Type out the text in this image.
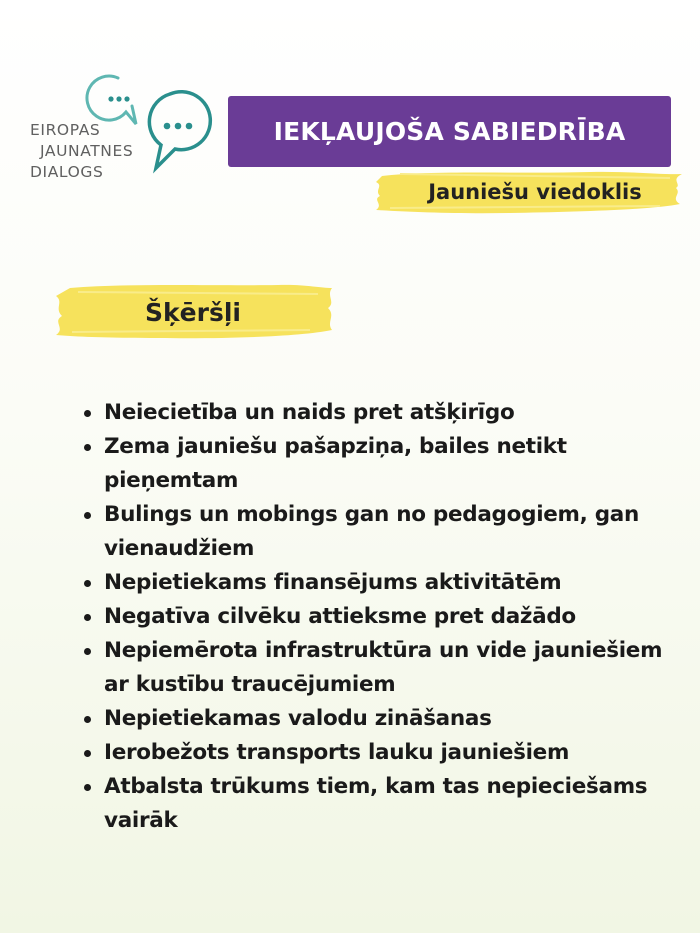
EIROPAS
JAUNATNES
DIALOGS
IEKĻAUJOŠA SABIEDRĪBA
Jauniešu viedoklis
Šķēršļi
Neiecietība un naids pret atšķirīgo
Zema jauniešu pašapziņa, bailes netikt pieņemtam
Bulings un mobings gan no pedagogiem, gan vienaudžiem
Nepietiekams finansējums aktivitātēm
Negatīva cilvēku attieksme pret dažādo
Nepiemērota infrastruktūra un vide jauniešiem ar kustību traucējumiem
Nepietiekamas valodu zināšanas
Ierobežots transports lauku jauniešiem
Atbalsta trūkums tiem, kam tas nepieciešams vairāk
